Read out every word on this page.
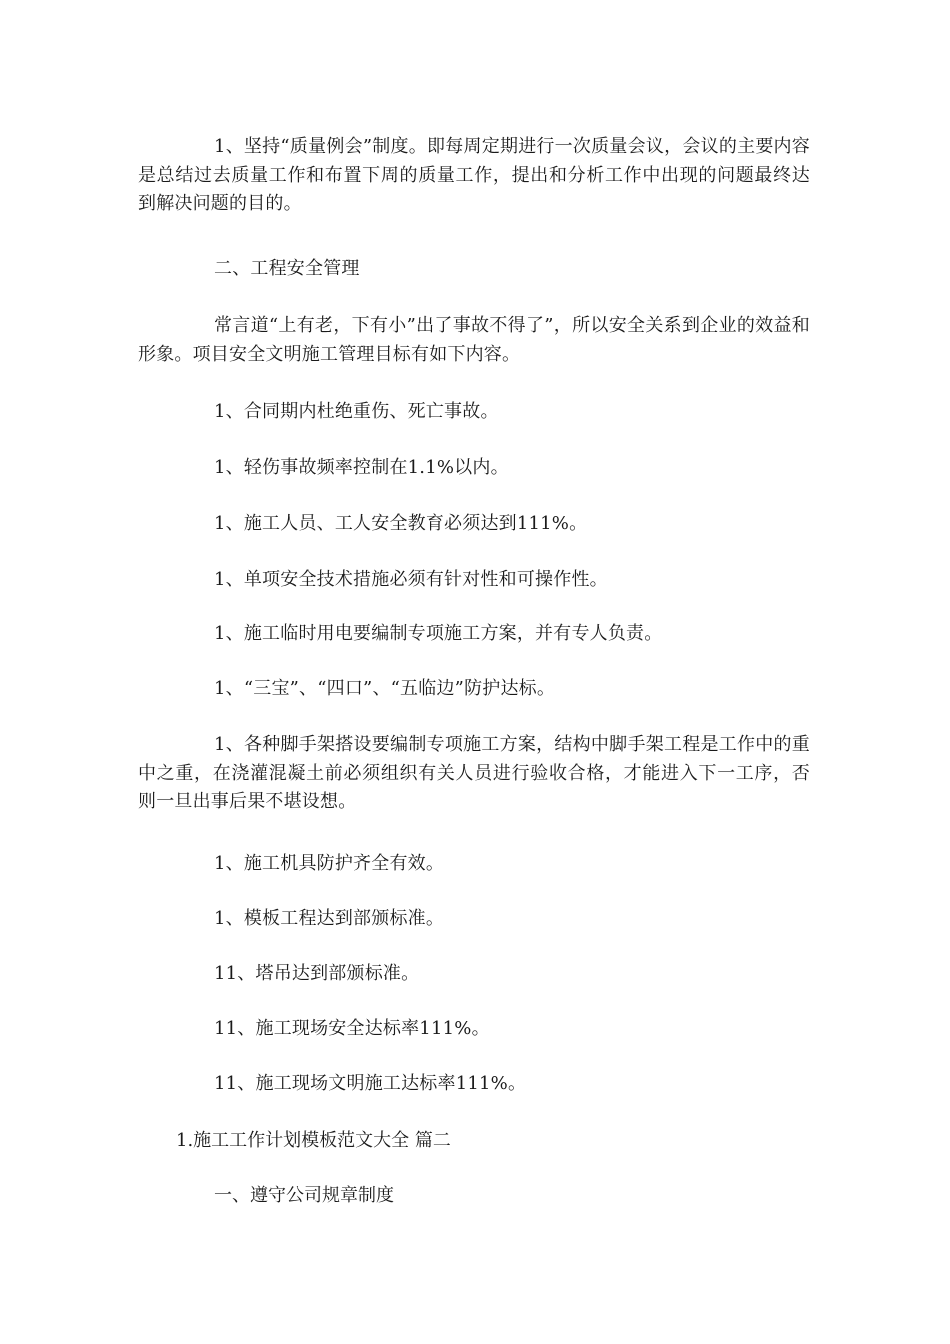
1、坚持“质量例会”制度。即每周定期进行一次质量会议，会议的主要内容是总结过去质量工作和布置下周的质量工作，提出和分析工作中出现的问题最终达到解决问题的目的。

二、工程安全管理

常言道“上有老，下有小”出了事故不得了”，所以安全关系到企业的效益和形象。项目安全文明施工管理目标有如下内容。

1、合同期内杜绝重伤、死亡事故。

1、轻伤事故频率控制在1.1%以内。

1、施工人员、工人安全教育必须达到111%。

1、单项安全技术措施必须有针对性和可操作性。

1、施工临时用电要编制专项施工方案，并有专人负责。

1、“三宝”、“四口”、“五临边”防护达标。

1、各种脚手架搭设要编制专项施工方案，结构中脚手架工程是工作中的重中之重，在浇灌混凝土前必须组织有关人员进行验收合格，才能进入下一工序，否则一旦出事后果不堪设想。

1、施工机具防护齐全有效。

1、模板工程达到部颁标准。

11、塔吊达到部颁标准。

11、施工现场安全达标率111%。

11、施工现场文明施工达标率111%。

1.施工工作计划模板范文大全 篇二

一、遵守公司规章制度
